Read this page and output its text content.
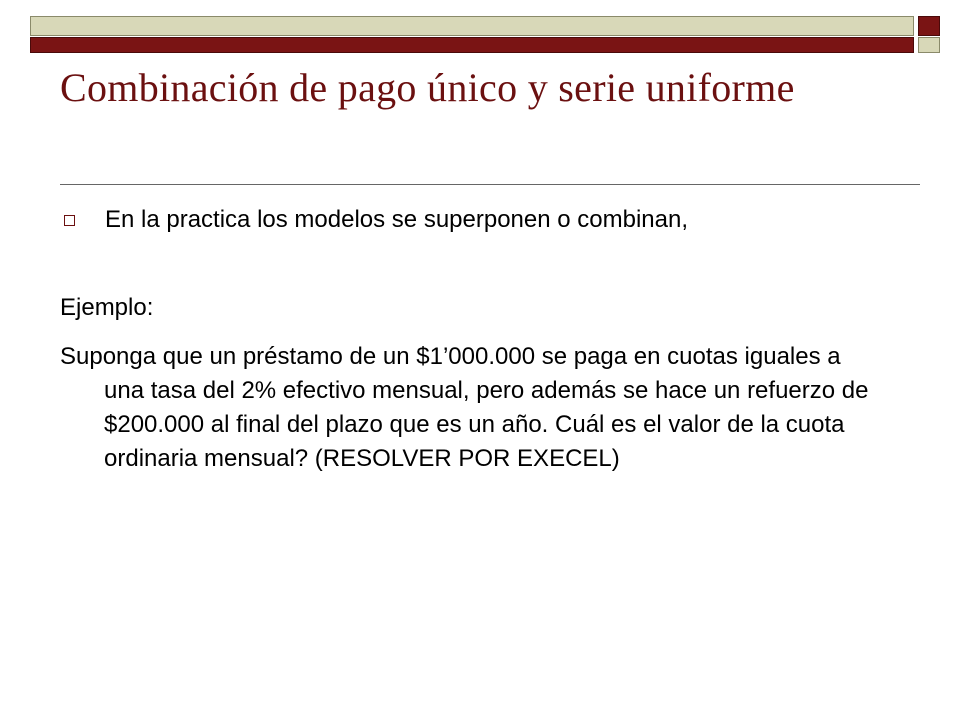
Combinación de pago único y serie uniforme
En la practica los modelos se superponen o combinan,
Ejemplo:
Suponga que un préstamo de un $1’000.000 se paga en cuotas iguales a una tasa del 2% efectivo mensual, pero además se hace un refuerzo de $200.000 al final del plazo que es un año. Cuál es el valor de la cuota ordinaria mensual? (RESOLVER POR EXECEL)
